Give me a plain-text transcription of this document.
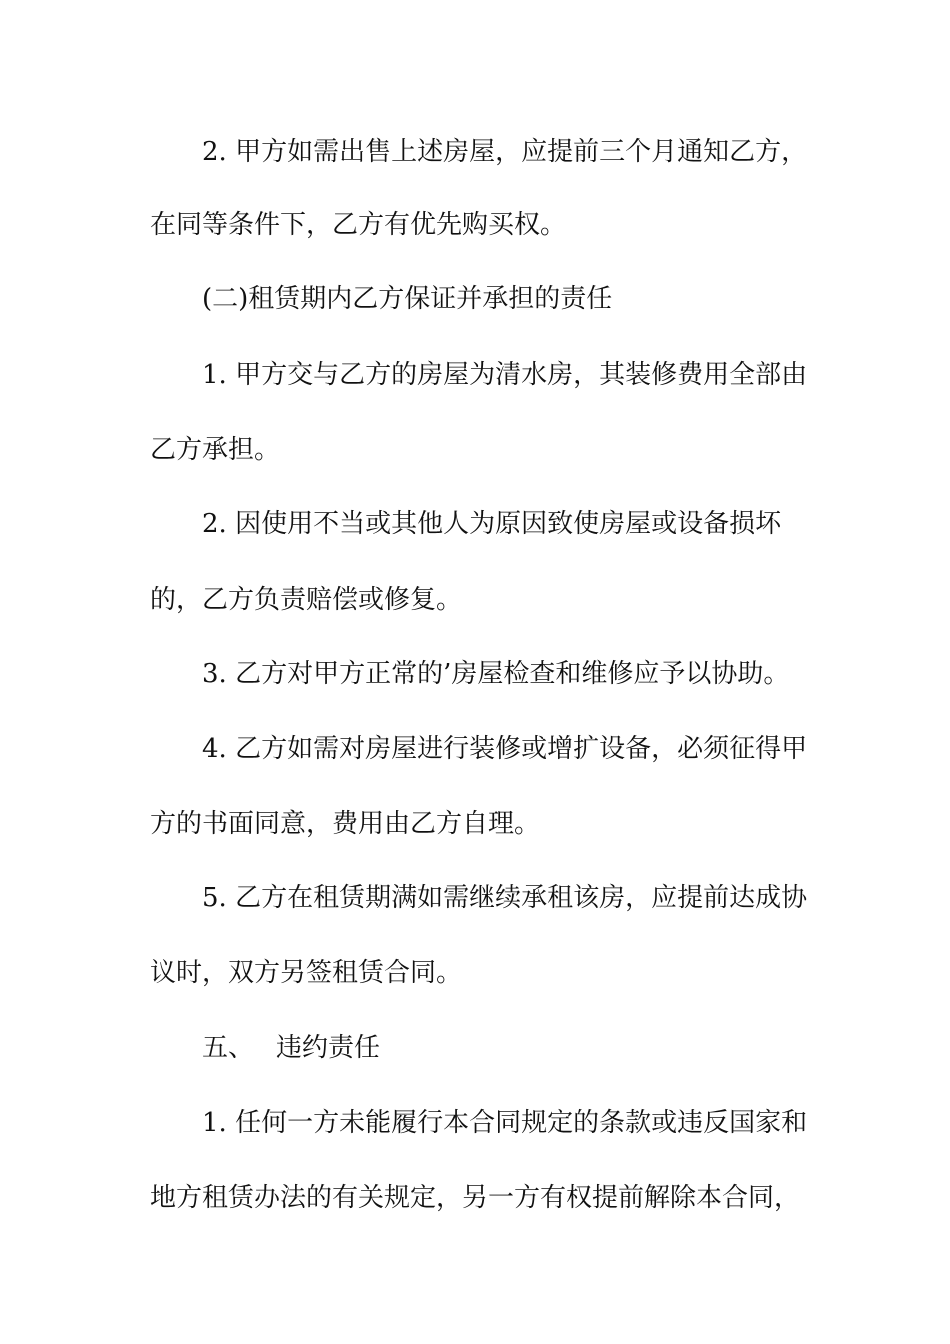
2. 甲方如需出售上述房屋，应提前三个月通知乙方，

在同等条件下，乙方有优先购买权。

(二)租赁期内乙方保证并承担的责任

1. 甲方交与乙方的房屋为清水房，其装修费用全部由

乙方承担。

2. 因使用不当或其他人为原因致使房屋或设备损坏

的，乙方负责赔偿或修复。

3. 乙方对甲方正常的’房屋检查和维修应予以协助。

4. 乙方如需对房屋进行装修或增扩设备，必须征得甲

方的书面同意，费用由乙方自理。

5. 乙方在租赁期满如需继续承租该房，应提前达成协

议时，双方另签租赁合同。

五、 违约责任

1. 任何一方未能履行本合同规定的条款或违反国家和

地方租赁办法的有关规定，另一方有权提前解除本合同，
